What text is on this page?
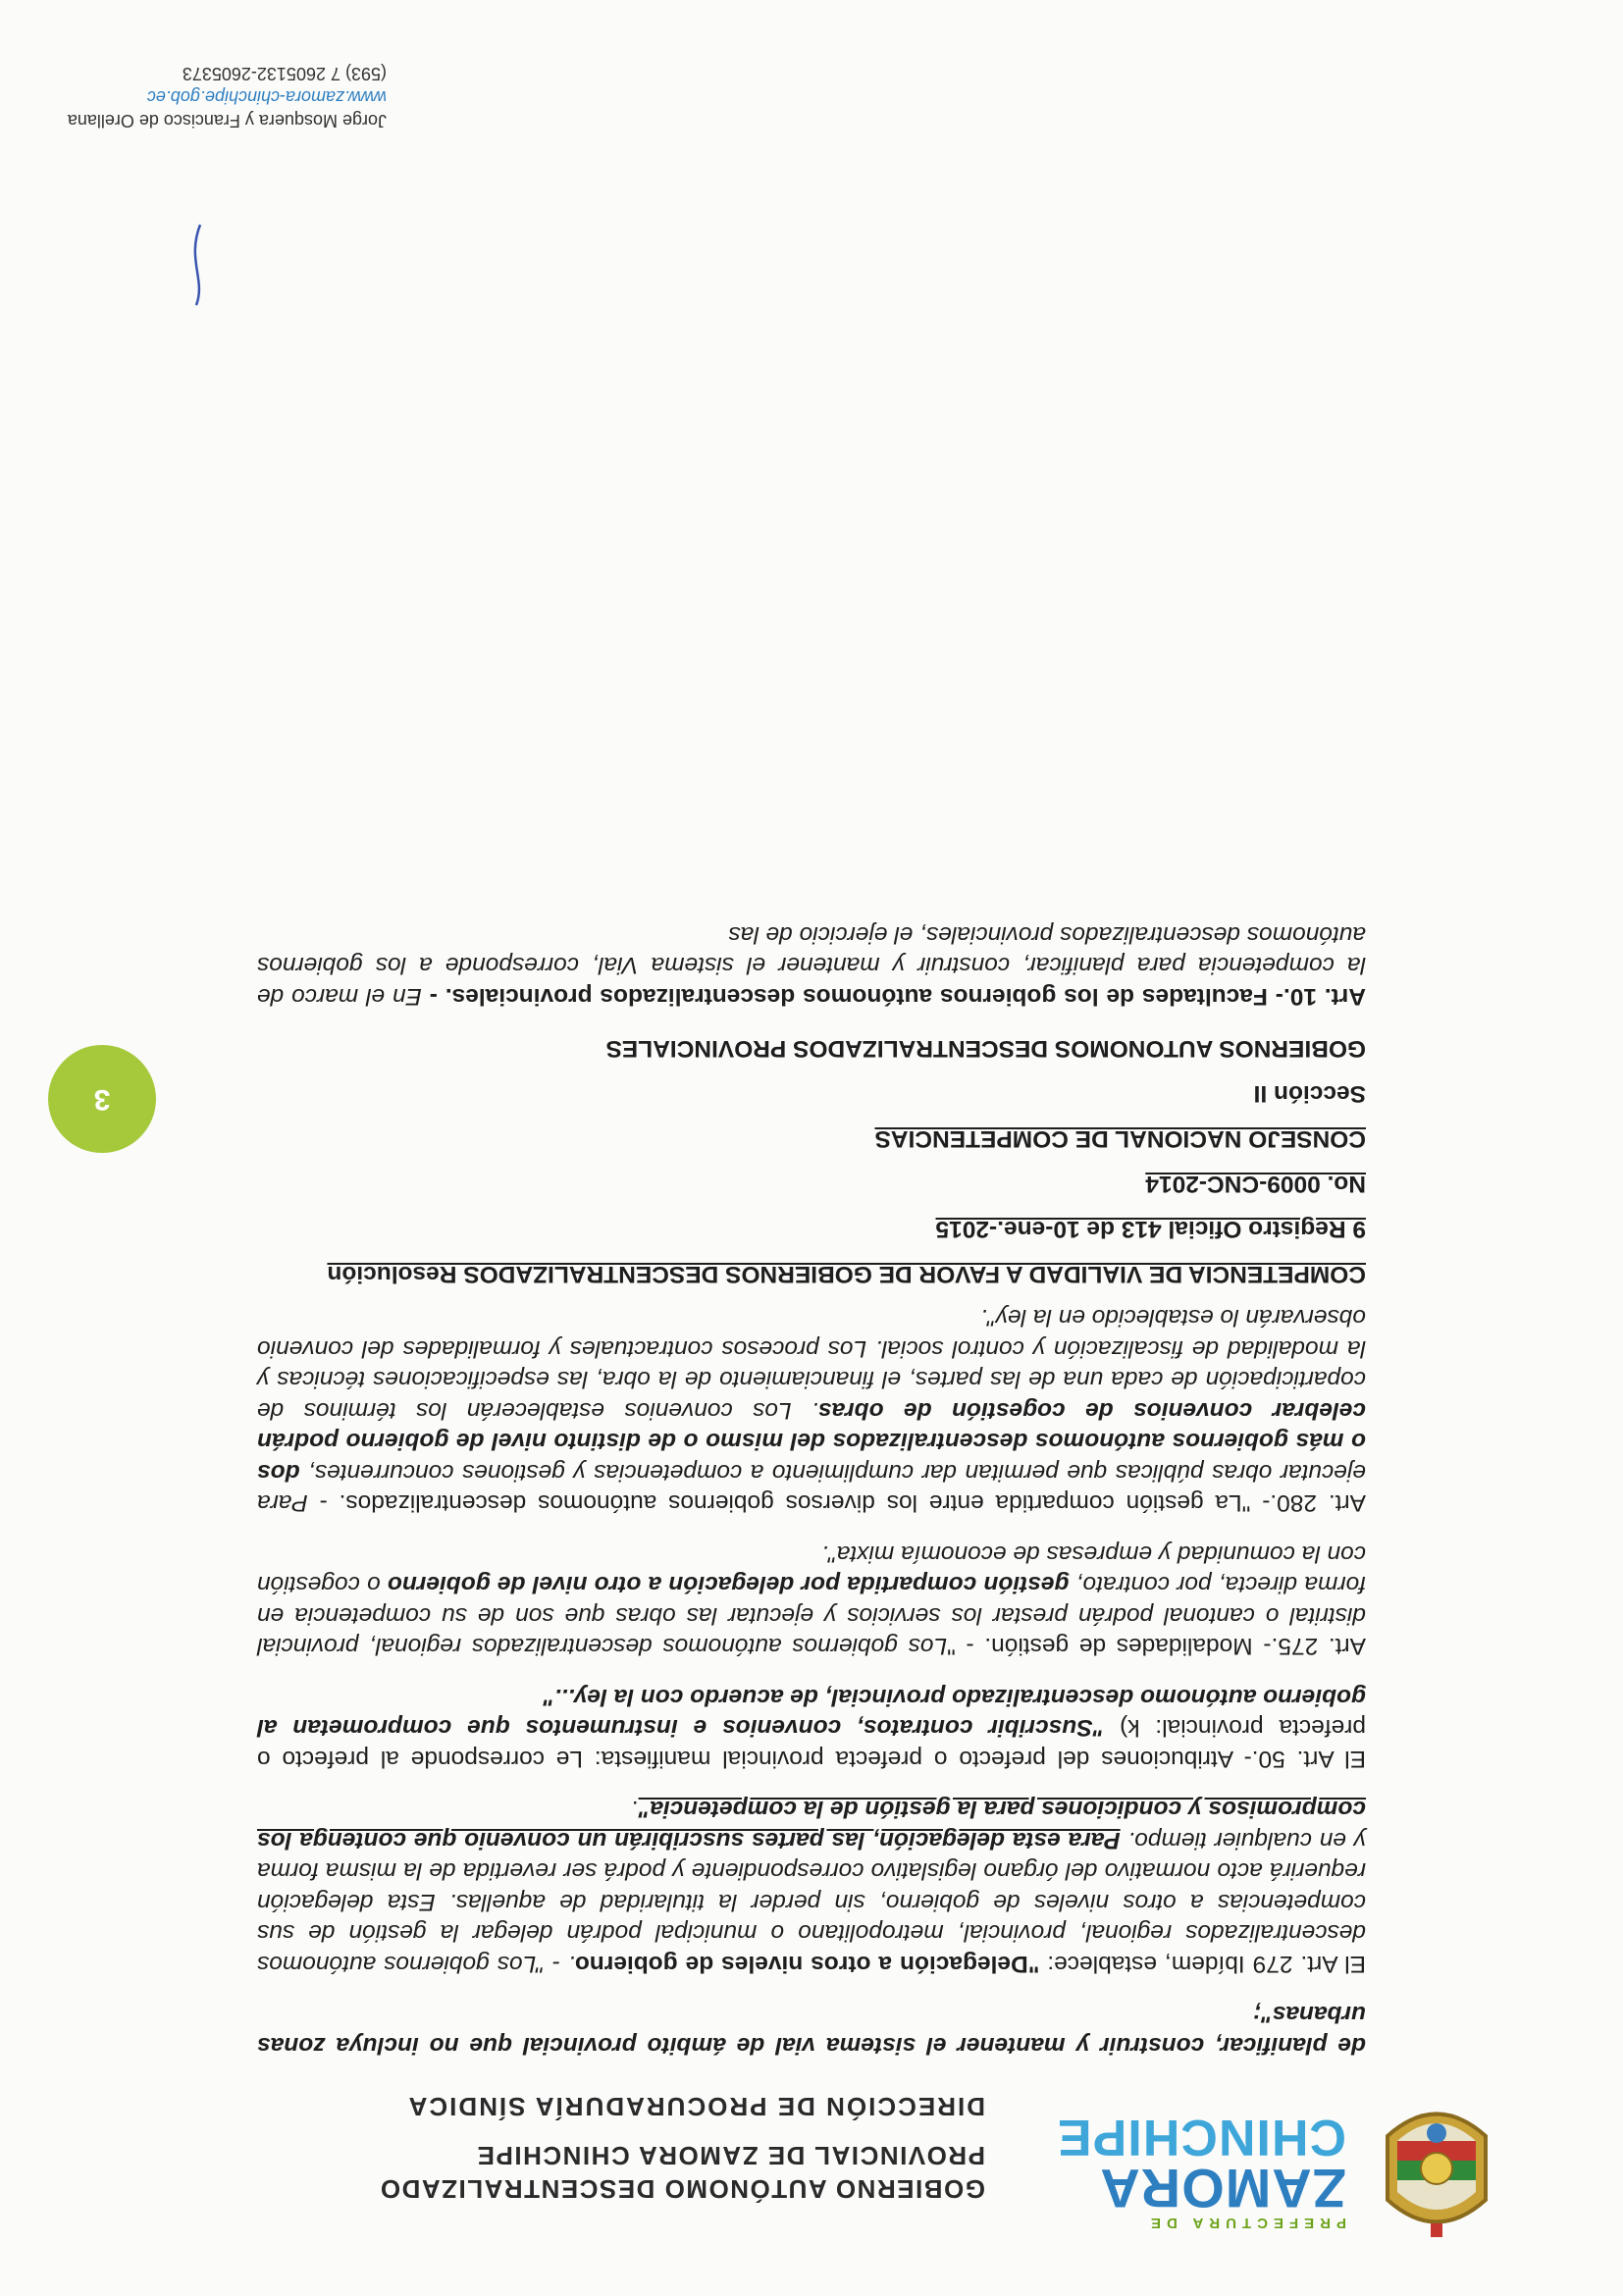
PREFECTURA DE
ZAMORA
CHINCHIPE
GOBIERNO AUTÓNOMO DESCENTRALIZADO
PROVINCIAL DE ZAMORA CHINCHIPE
DIRECCIÓN DE PROCURADURÍA SÍNDICA

de planificar, construir y mantener el sistema vial de ámbito provincial que no incluya zonas urbanas";

El Art. 279 Ibídem, establece: "Delegación a otros niveles de gobierno. - "Los gobiernos autónomos descentralizados regional, provincial, metropolitano o municipal podrán delegar la gestión de sus competencias a otros niveles de gobierno, sin perder la titularidad de aquellas. Esta delegación requerirá acto normativo del órgano legislativo correspondiente y podrá ser revertida de la misma forma y en cualquier tiempo. Para esta delegación, las partes suscribirán un convenio que contenga los compromisos y condiciones para la gestión de la competencia".

El Art. 50.- Atribuciones del prefecto o prefecta provincial manifiesta: Le corresponde al prefecto o prefecta provincial: k) "Suscribir contratos, convenios e instrumentos que comprometan al gobierno autónomo descentralizado provincial, de acuerdo con la ley..."

Art. 275.- Modalidades de gestión. - "Los gobiernos autónomos descentralizados regional, provincial distrital o cantonal podrán prestar los servicios y ejecutar las obras que son de su competencia en forma directa, por contrato, gestión compartida por delegación a otro nivel de gobierno o cogestión con la comunidad y empresas de economía mixta".

Art. 280.- "La gestión compartida entre los diversos gobiernos autónomos descentralizados. - Para ejecutar obras públicas que permitan dar cumplimiento a competencias y gestiones concurrentes, dos o más gobiernos autónomos descentralizados del mismo o de distinto nivel de gobierno podrán celebrar convenios de cogestión de obras. Los convenios establecerán los términos de coparticipación de cada una de las partes, el financiamiento de la obra, las especificaciones técnicas y la modalidad de fiscalización y control social. Los procesos contractuales y formalidades del convenio observarán lo establecido en la ley".

COMPETENCIA DE VIALIDAD A FAVOR DE GOBIERNOS DESCENTRALIZADOS Resolución

9 Registro Oficial 413 de 10-ene.-2015

No. 0009-CNC-2014

CONSEJO NACIONAL DE COMPETENCIAS

Sección II

GOBIERNOS AUTONOMOS DESCENTRALIZADOS PROVINCIALES

Art. 10.- Facultades de los gobiernos autónomos descentralizados provinciales. - En el marco de la competencia para planificar, construir y mantener el sistema Vial, corresponde a los gobiernos autónomos descentralizados provinciales, el ejercicio de las

3
Jorge Mosquera y Francisco de Orellana
www.zamora-chinchipe.gob.ec
(593) 7 2605132-2605373
